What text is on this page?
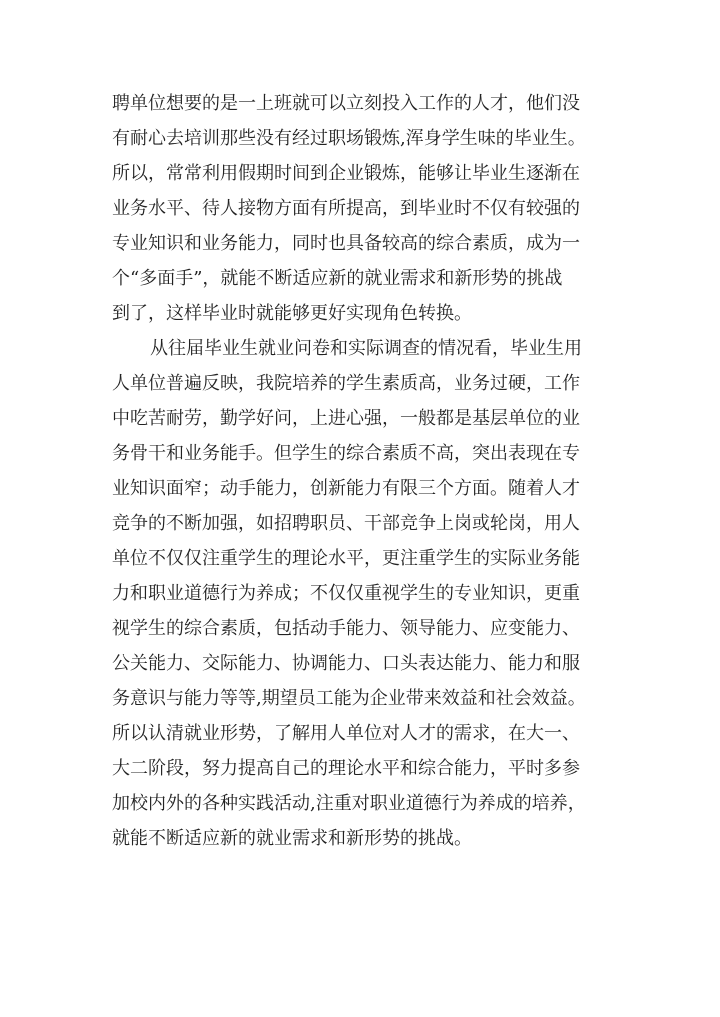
聘单位想要的是一上班就可以立刻投入工作的人才，他们没
有耐心去培训那些没有经过职场锻炼,浑身学生味的毕业生。
所以，常常利用假期时间到企业锻炼，能够让毕业生逐渐在
业务水平、待人接物方面有所提高，到毕业时不仅有较强的
专业知识和业务能力，同时也具备较高的综合素质，成为一
个“多面手”，就能不断适应新的就业需求和新形势的挑战
到了，这样毕业时就能够更好实现角色转换。
从往届毕业生就业问卷和实际调查的情况看，毕业生用
人单位普遍反映，我院培养的学生素质高，业务过硬，工作
中吃苦耐劳，勤学好问，上进心强，一般都是基层单位的业
务骨干和业务能手。但学生的综合素质不高，突出表现在专
业知识面窄；动手能力，创新能力有限三个方面。随着人才
竞争的不断加强，如招聘职员、干部竞争上岗或轮岗，用人
单位不仅仅注重学生的理论水平，更注重学生的实际业务能
力和职业道德行为养成；不仅仅重视学生的专业知识，更重
视学生的综合素质，包括动手能力、领导能力、应变能力、
公关能力、交际能力、协调能力、口头表达能力、能力和服
务意识与能力等等,期望员工能为企业带来效益和社会效益。
所以认清就业形势，了解用人单位对人才的需求，在大一、
大二阶段，努力提高自己的理论水平和综合能力，平时多参
加校内外的各种实践活动,注重对职业道德行为养成的培养，
就能不断适应新的就业需求和新形势的挑战。
